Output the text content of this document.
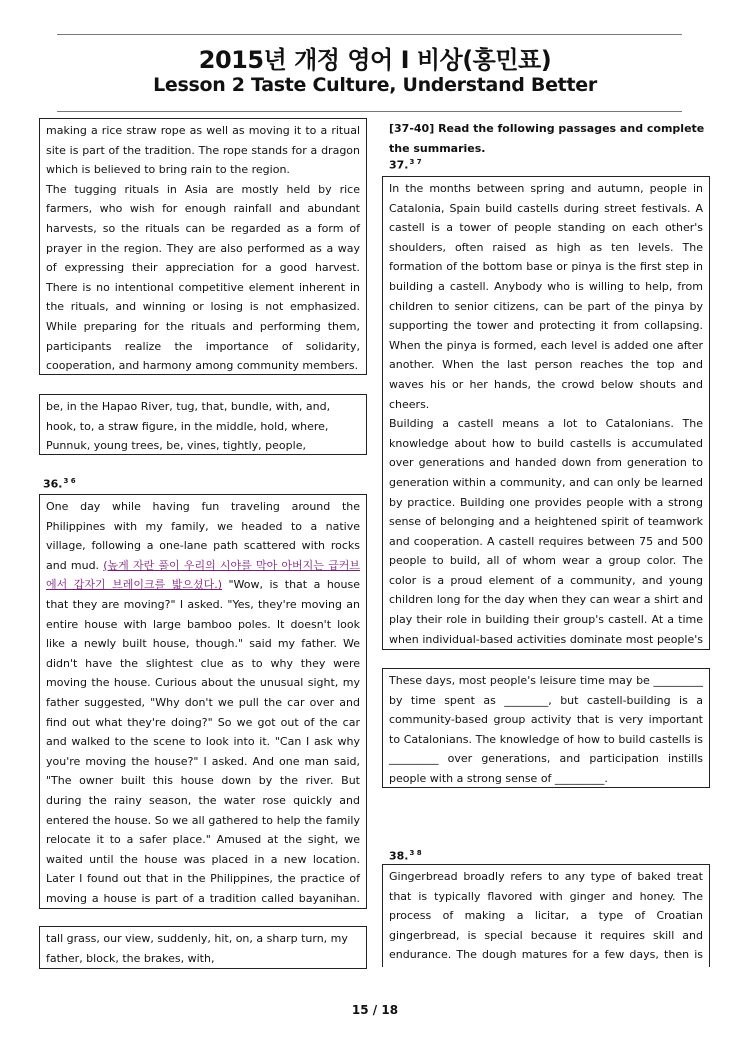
2015년 개정 영어 I 비상(홍민표)
Lesson 2 Taste Culture, Understand Better

making a rice straw rope as well as moving it to a ritual site is part of the tradition. The rope stands for a dragon which is believed to bring rain to the region.

The tugging rituals in Asia are mostly held by rice farmers, who wish for enough rainfall and abundant harvests, so the rituals can be regarded as a form of prayer in the region. They are also performed as a way of expressing their appreciation for a good harvest. There is no intentional competitive element inherent in the rituals, and winning or losing is not emphasized. While preparing for the rituals and performing them, participants realize the importance of solidarity, cooperation, and harmony among community members.

be, in the Hapao River, tug, that, bundle, with, and, hook, to, a straw figure, in the middle, hold, where, Punnuk, young trees, be, vines, tightly, people,

36.$^{3 6}$

One day while having fun traveling around the Philippines with my family, we headed to a native village, following a one-lane path scattered with rocks and mud. (높게 자란 풀이 우리의 시야를 막아 아버지는 급커브에서 갑자기 브레이크를 밟으셨다.) "Wow, is that a house that they are moving?" I asked. "Yes, they're moving an entire house with large bamboo poles. It doesn't look like a newly built house, though." said my father. We didn't have the slightest clue as to why they were moving the house. Curious about the unusual sight, my father suggested, "Why don't we pull the car over and find out what they're doing?" So we got out of the car and walked to the scene to look into it. "Can I ask why you're moving the house?" I asked. And one man said, "The owner built this house down by the river. But during the rainy season, the water rose quickly and entered the house. So we all gathered to help the family relocate it to a safer place." Amused at the sight, we waited until the house was placed in a new location. Later I found out that in the Philippines, the practice of moving a house is part of a tradition called bayanihan.

tall grass, our view, suddenly, hit, on, a sharp turn, my father, block, the brakes, with,

[37-40] Read the following passages and complete the summaries.
37.$^{3 7}$

In the months between spring and autumn, people in Catalonia, Spain build castells during street festivals. A castell is a tower of people standing on each other's shoulders, often raised as high as ten levels. The formation of the bottom base or pinya is the first step in building a castell. Anybody who is willing to help, from children to senior citizens, can be part of the pinya by supporting the tower and protecting it from collapsing. When the pinya is formed, each level is added one after another. When the last person reaches the top and waves his or her hands, the crowd below shouts and cheers.

Building a castell means a lot to Catalonians. The knowledge about how to build castells is accumulated over generations and handed down from generation to generation within a community, and can only be learned by practice. Building one provides people with a strong sense of belonging and a heightened spirit of teamwork and cooperation. A castell requires between 75 and 500 people to build, all of whom wear a group color. The color is a proud element of a community, and young children long for the day when they can wear a shirt and play their role in building their group's castell. At a time when individual-based activities dominate most people's

These days, most people's leisure time may be _________ by time spent as ________, but castell-building is a community-based group activity that is very important to Catalonians. The knowledge of how to build castells is _________ over generations, and participation instills people with a strong sense of _________.

38.$^{3 8}$

Gingerbread broadly refers to any type of baked treat that is typically flavored with ginger and honey. The process of making a licitar, a type of Croatian gingerbread, is special because it requires skill and endurance. The dough matures for a few days, then is

15 / 18
